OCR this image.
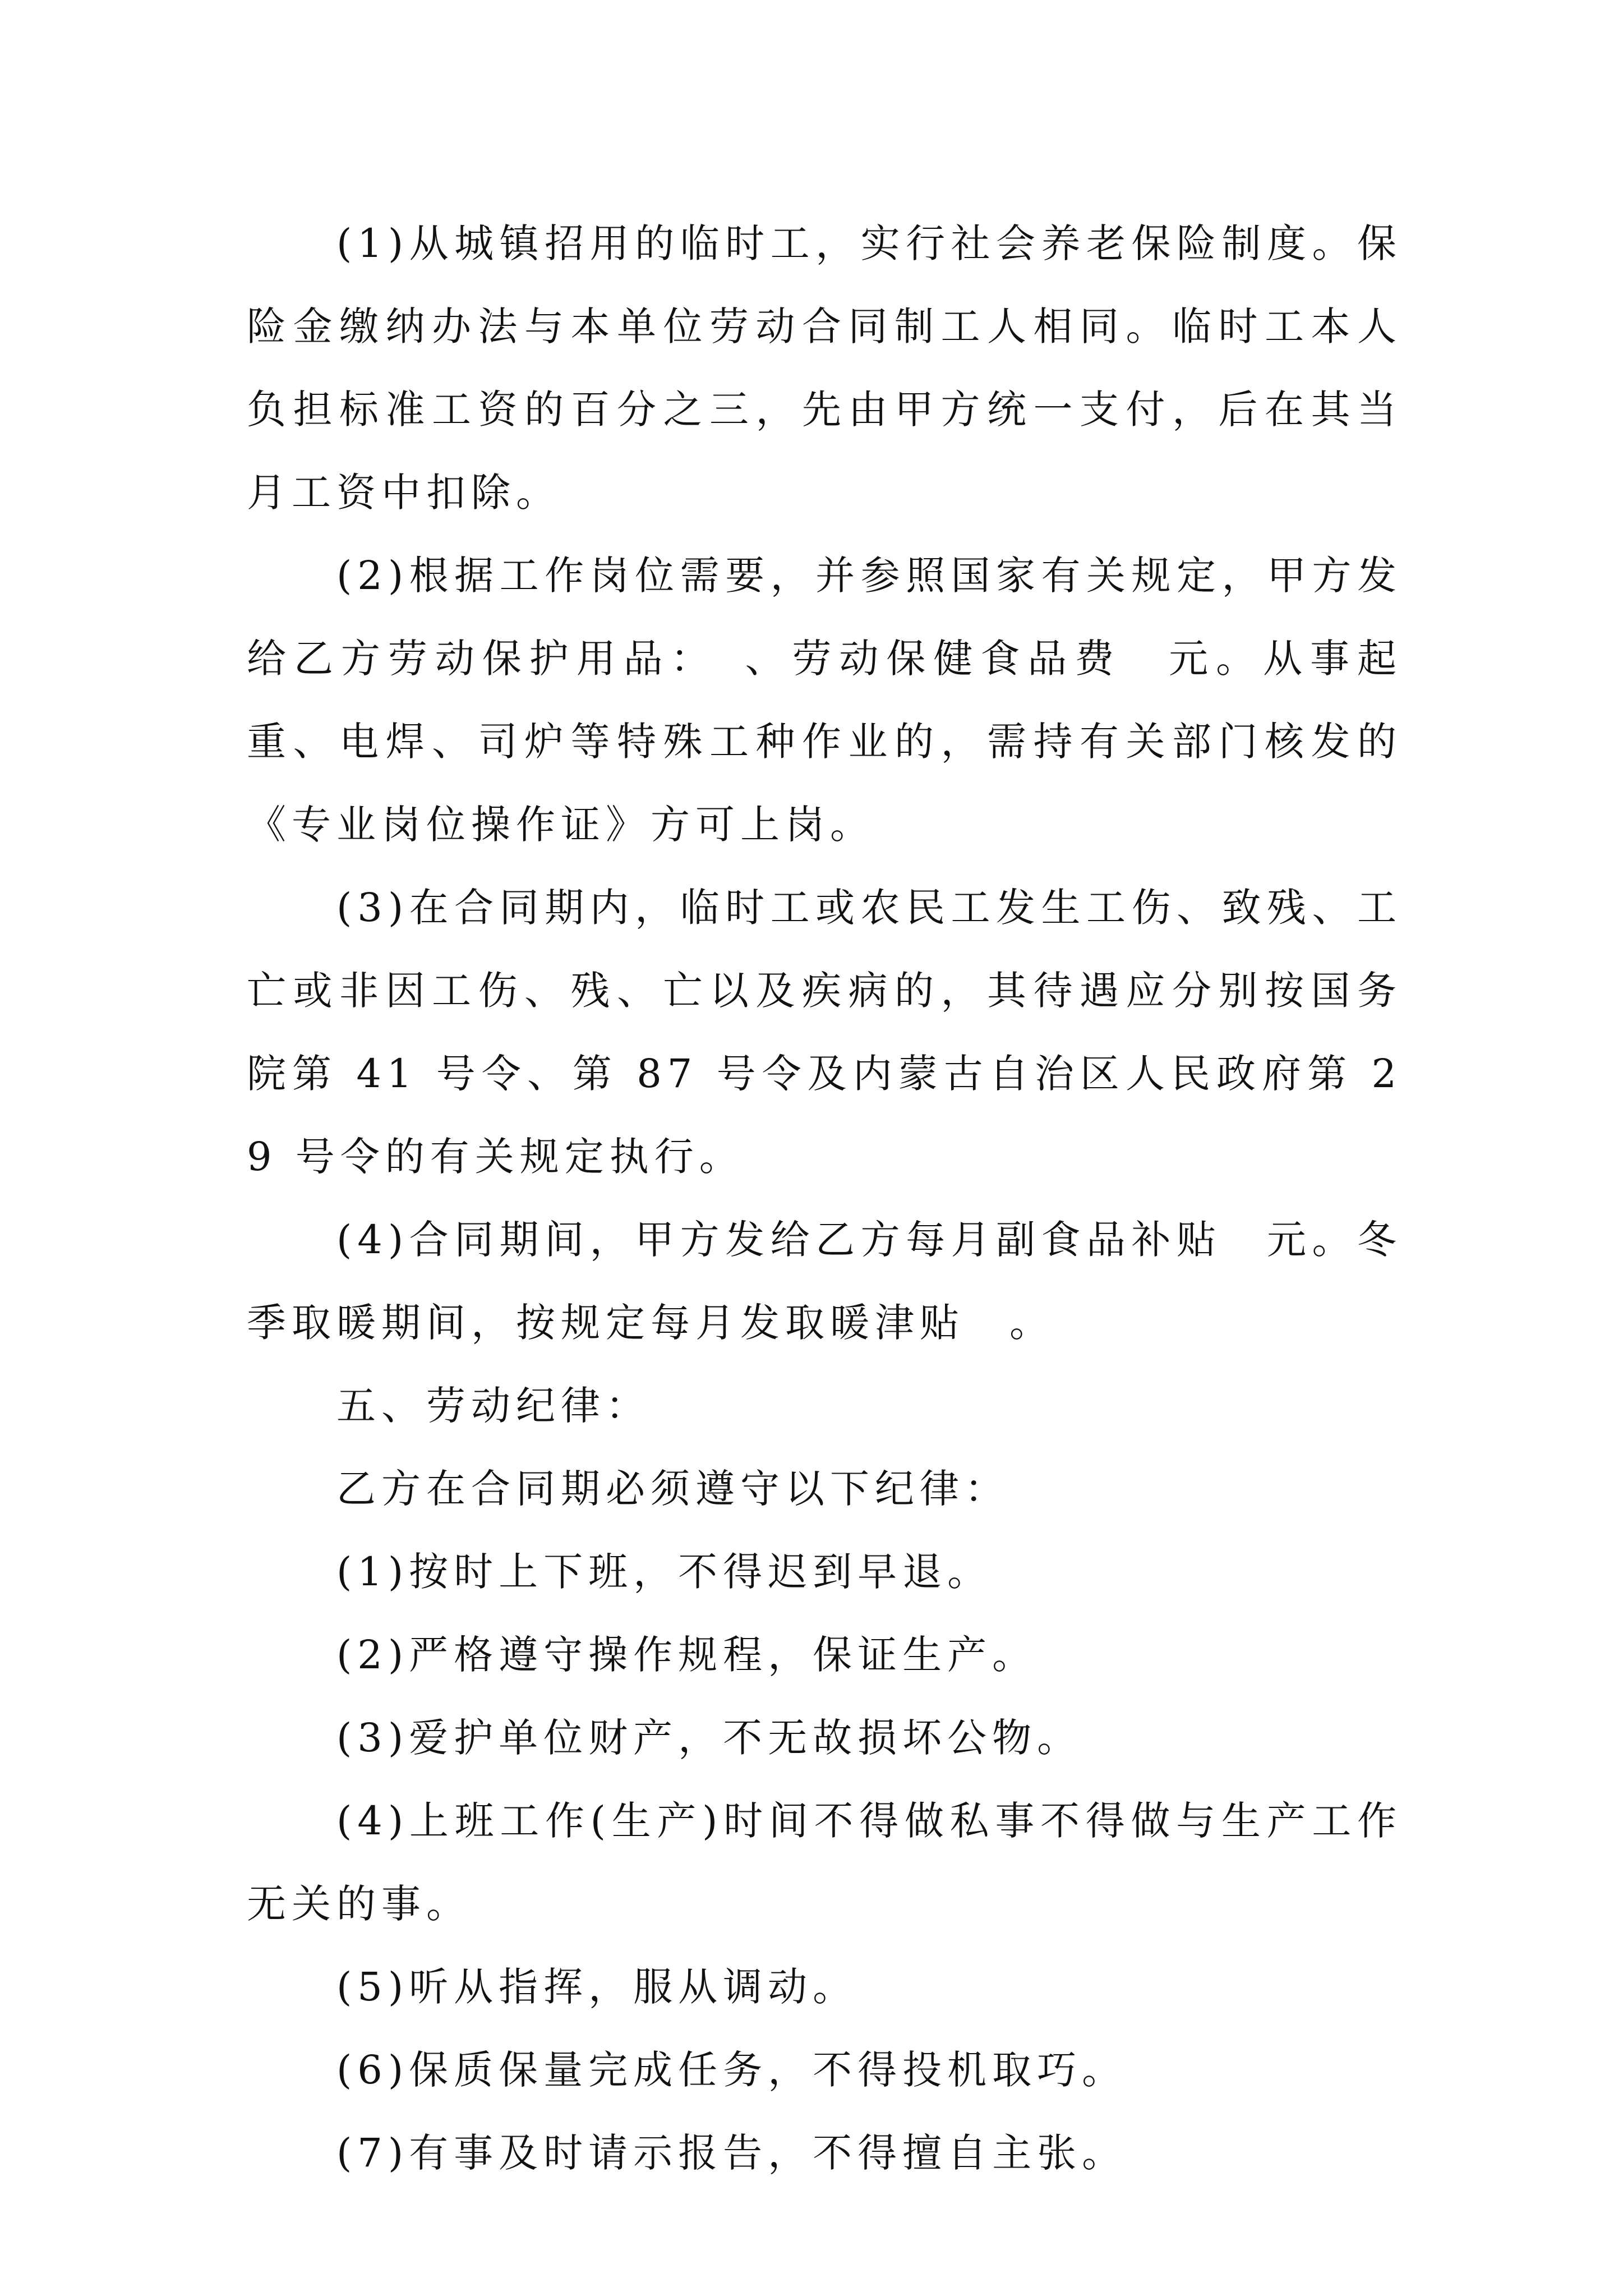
(1)从城镇招用的临时工，实行社会养老保险制度。保险金缴纳办法与本单位劳动合同制工人相同。临时工本人负担标准工资的百分之三，先由甲方统一支付，后在其当月工资中扣除。

(2)根据工作岗位需要，并参照国家有关规定，甲方发给乙方劳动保护用品：　、劳动保健食品费　元。从事起重、电焊、司炉等特殊工种作业的，需持有关部门核发的《专业岗位操作证》方可上岗。

(3)在合同期内，临时工或农民工发生工伤、致残、工亡或非因工伤、残、亡以及疾病的，其待遇应分别按国务院第 41 号令、第 87 号令及内蒙古自治区人民政府第 29 号令的有关规定执行。

(4)合同期间，甲方发给乙方每月副食品补贴　元。冬季取暖期间，按规定每月发取暖津贴　。

五、劳动纪律：

乙方在合同期必须遵守以下纪律：

(1)按时上下班，不得迟到早退。

(2)严格遵守操作规程，保证生产。

(3)爱护单位财产，不无故损坏公物。

(4)上班工作(生产)时间不得做私事不得做与生产工作无关的事。

(5)听从指挥，服从调动。

(6)保质保量完成任务，不得投机取巧。

(7)有事及时请示报告，不得擅自主张。
